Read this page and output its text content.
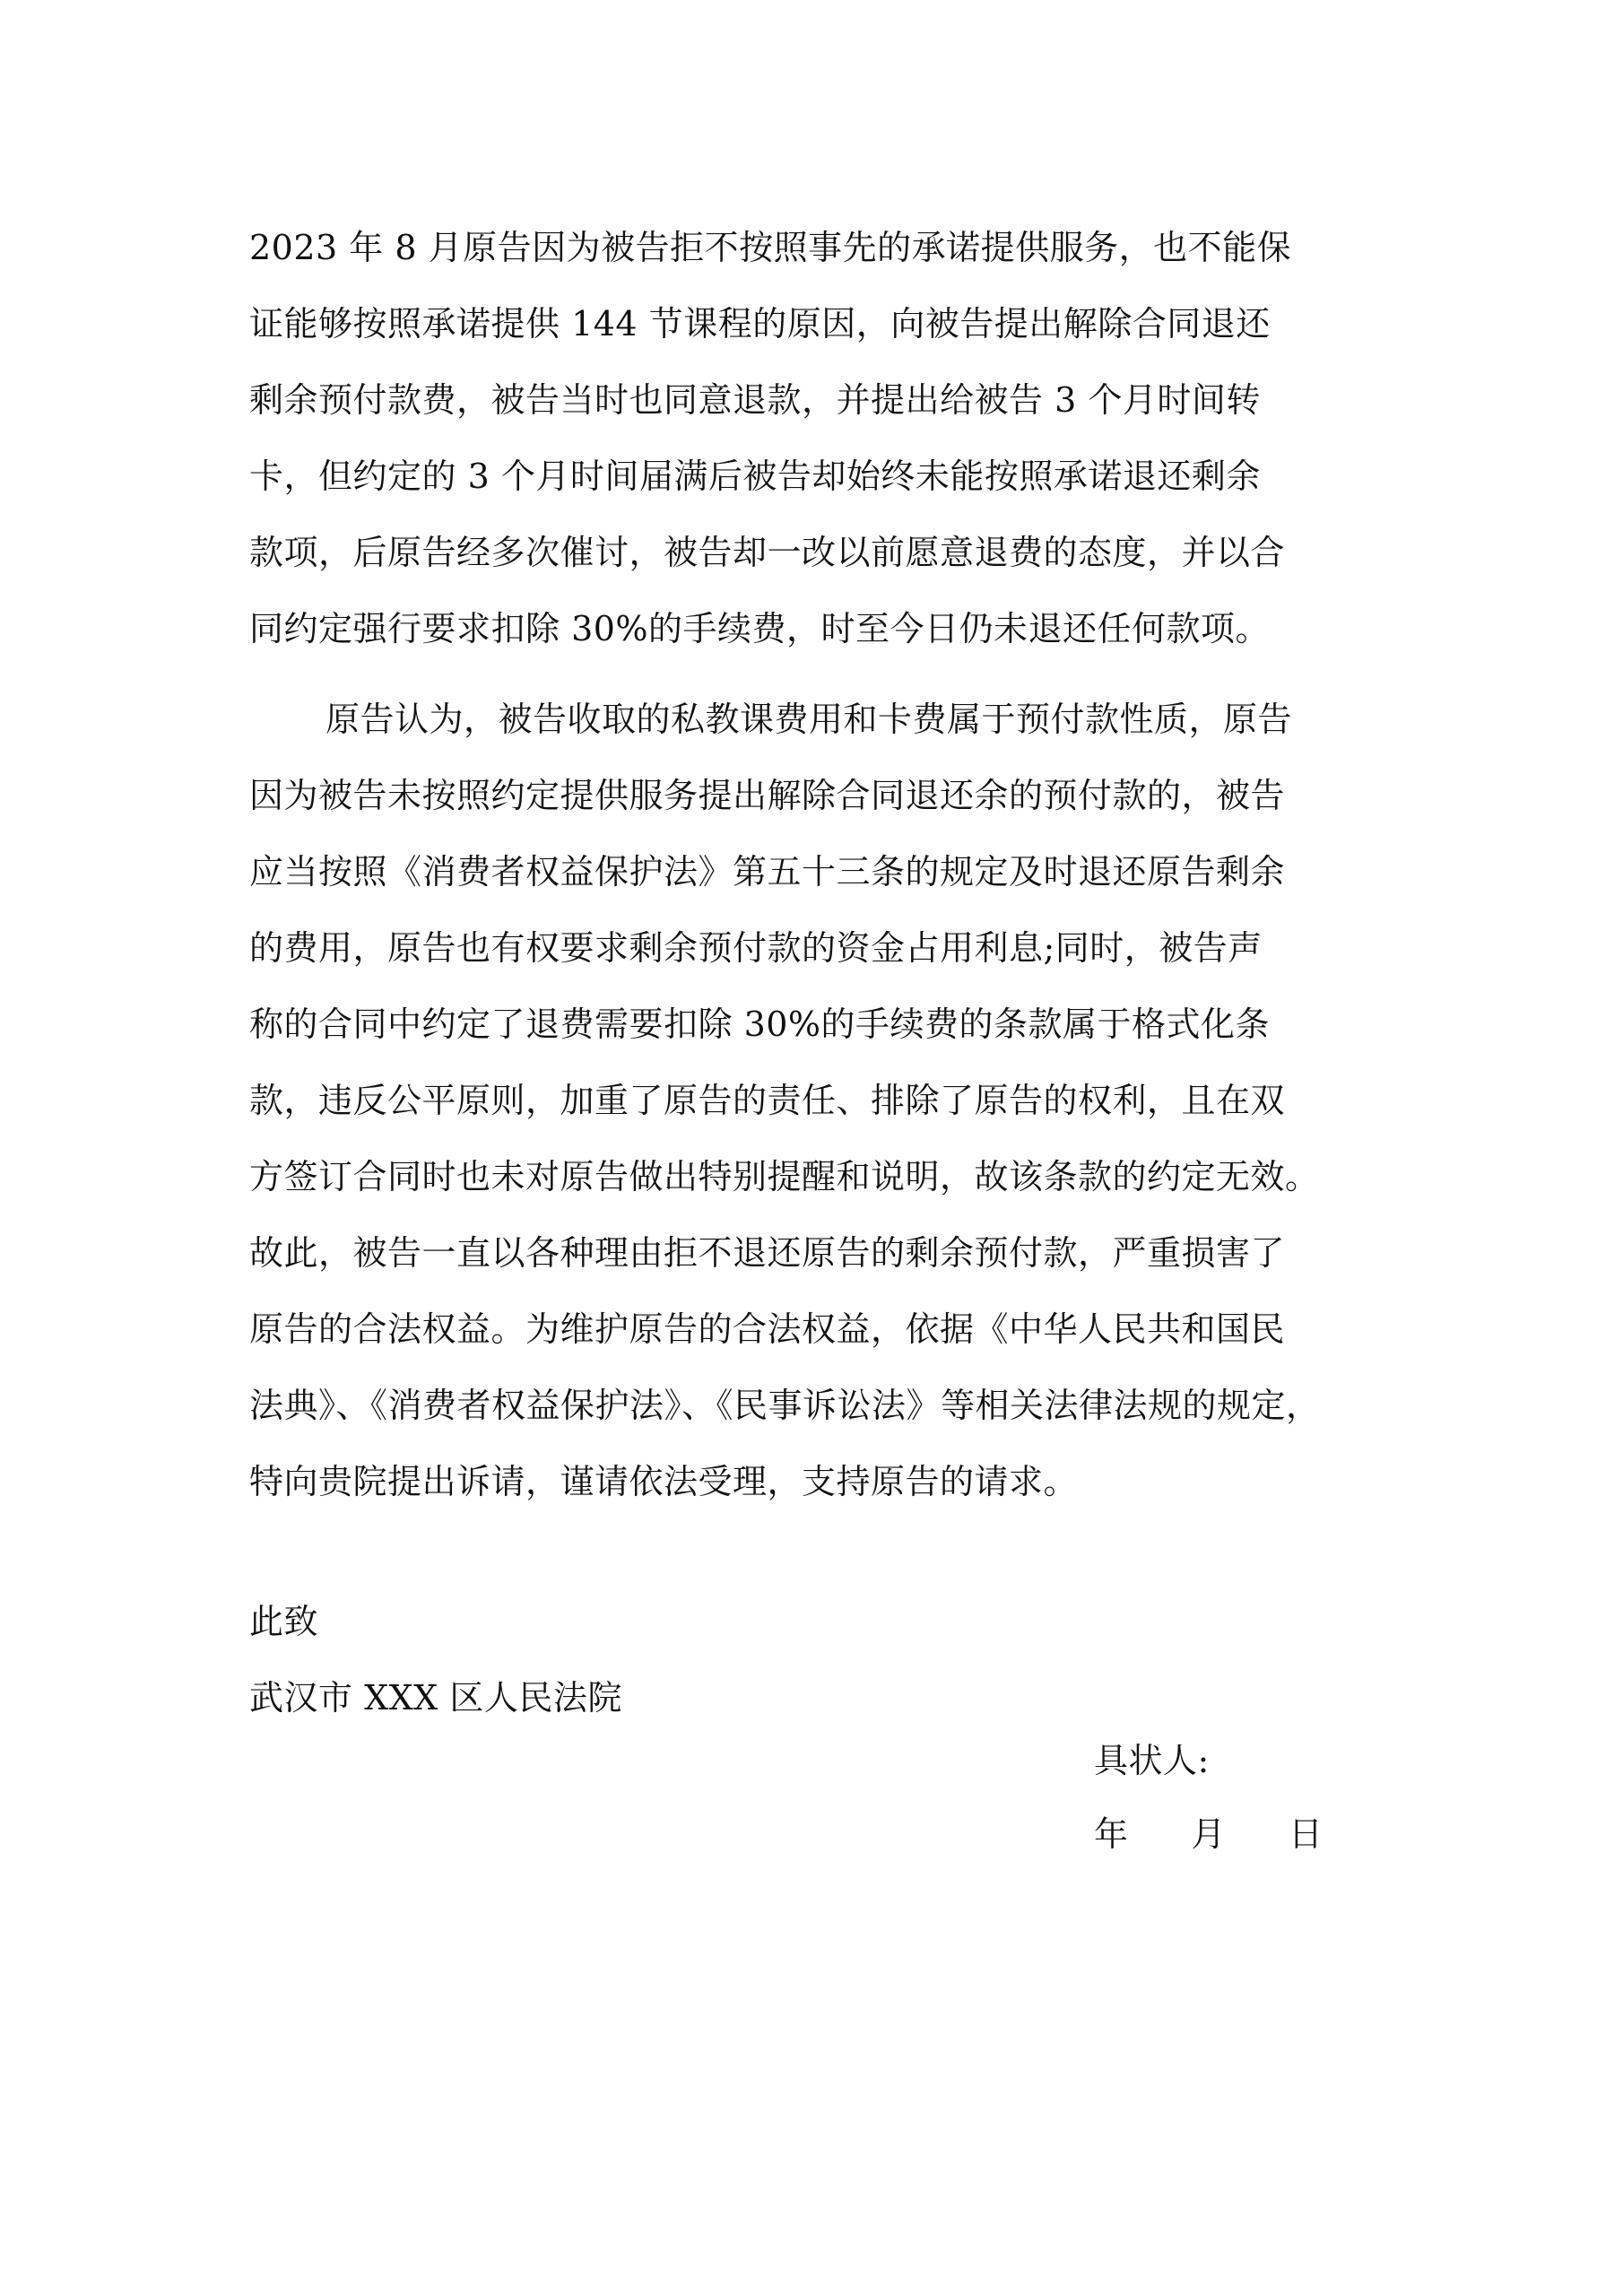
2023 年 8 月原告因为被告拒不按照事先的承诺提供服务，也不能保
证能够按照承诺提供 144 节课程的原因，向被告提出解除合同退还
剩余预付款费，被告当时也同意退款，并提出给被告 3 个月时间转
卡，但约定的 3 个月时间届满后被告却始终未能按照承诺退还剩余
款项，后原告经多次催讨，被告却一改以前愿意退费的态度，并以合
同约定强行要求扣除 30%的手续费，时至今日仍未退还任何款项。
原告认为，被告收取的私教课费用和卡费属于预付款性质，原告
因为被告未按照约定提供服务提出解除合同退还余的预付款的，被告
应当按照《消费者权益保护法》第五十三条的规定及时退还原告剩余
的费用，原告也有权要求剩余预付款的资金占用利息;同时，被告声
称的合同中约定了退费需要扣除 30%的手续费的条款属于格式化条
款，违反公平原则，加重了原告的责任、排除了原告的权利，且在双
方签订合同时也未对原告做出特别提醒和说明，故该条款的约定无效。
故此，被告一直以各种理由拒不退还原告的剩余预付款，严重损害了
原告的合法权益。为维护原告的合法权益，依据《中华人民共和国民
法典》、《消费者权益保护法》、《民事诉讼法》等相关法律法规的规定，
特向贵院提出诉请，谨请依法受理，支持原告的请求。
此致
武汉市 XXX 区人民法院
具状人:
年 月 日
